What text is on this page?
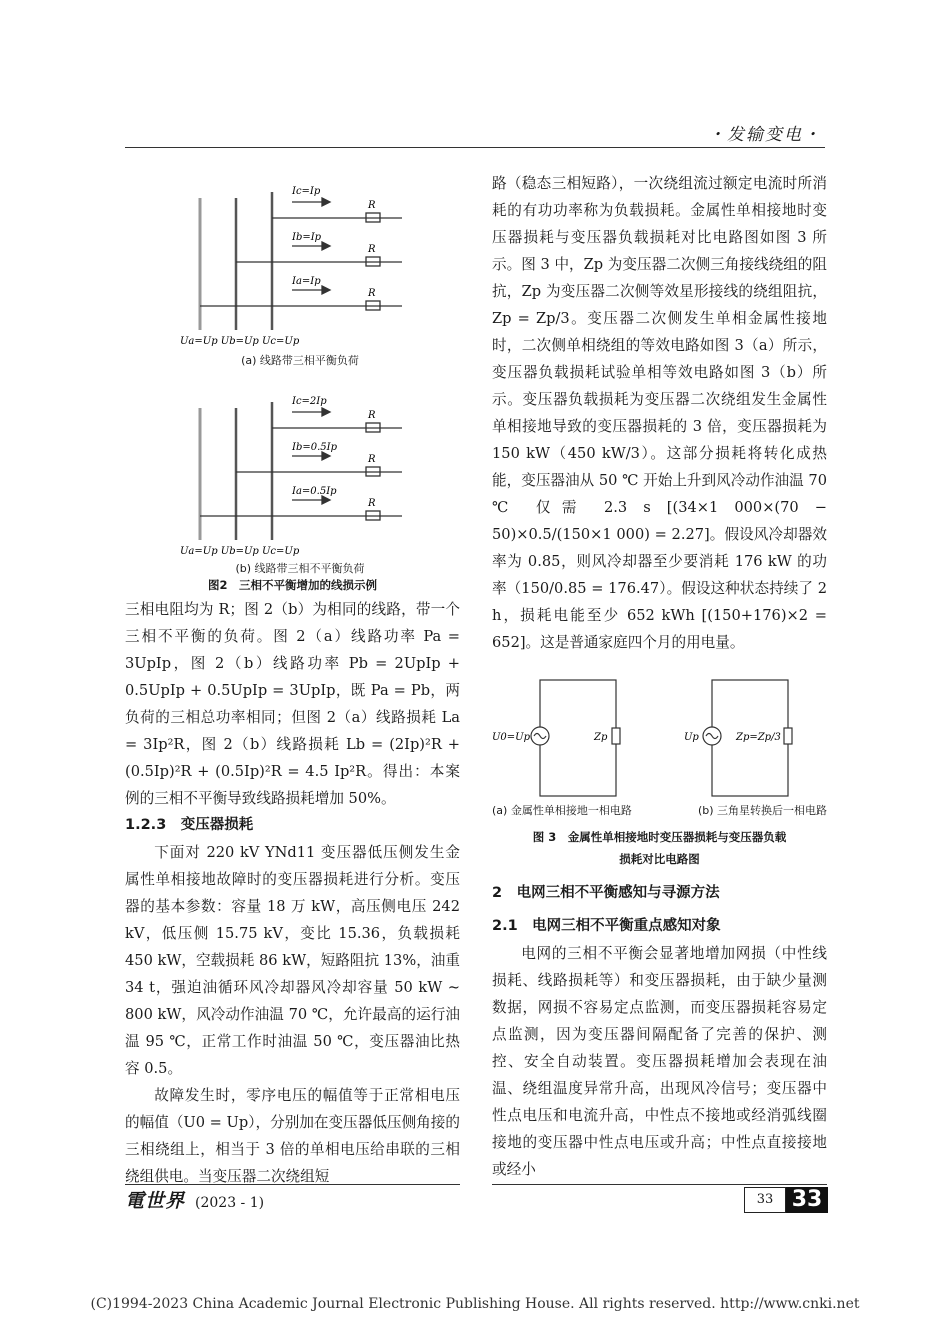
・发输变电・
Ic=Ip
Ib=Ip
Ia=Ip
R
R
R
Ua=Up Ub=Up Uc=Up
(a) 线路带三相平衡负荷
Ic=2Ip
Ib=0.5Ip
Ia=0.5Ip
R
R
R
Ua=Up Ub=Up Uc=Up
(b) 线路带三相不平衡负荷
图2　三相不平衡增加的线损示例

三相电阻均为 R；图 2（b）为相同的线路，带一个三相不平衡的负荷。图 2（a）线路功率 Pa = 3UpIp，图 2（b）线路功率 Pb = 2UpIp + 0.5UpIp + 0.5UpIp = 3UpIp，既 Pa = Pb，两负荷的三相总功率相同；但图 2（a）线路损耗 La = 3Ip²R，图 2（b）线路损耗 Lb = (2Ip)²R + (0.5Ip)²R + (0.5Ip)²R = 4.5 Ip²R。得出：本案例的三相不平衡导致线路损耗增加 50%。

1.2.3　变压器损耗

下面对 220 kV YNd11 变压器低压侧发生金属性单相接地故障时的变压器损耗进行分析。变压器的基本参数：容量 18 万 kW，高压侧电压 242 kV，低压侧 15.75 kV，变比 15.36，负载损耗 450 kW，空载损耗 86 kW，短路阻抗 13%，油重 34 t，强迫油循环风冷却器风冷却容量 50 kW ~ 800 kW，风冷动作油温 70 ℃，允许最高的运行油温 95 ℃，正常工作时油温 50 ℃，变压器油比热容 0.5。

故障发生时，零序电压的幅值等于正常相电压的幅值（U0 = Up），分别加在变压器低压侧角接的三相绕组上，相当于 3 倍的单相电压给串联的三相绕组供电。当变压器二次绕组短

路（稳态三相短路），一次绕组流过额定电流时所消耗的有功功率称为负载损耗。金属性单相接地时变压器损耗与变压器负载损耗对比电路图如图 3 所示。图 3 中，Zp 为变压器二次侧三角接线绕组的阻抗，Zp 为变压器二次侧等效星形接线的绕组阻抗，Zp = Zp/3。变压器二次侧发生单相金属性接地时，二次侧单相绕组的等效电路如图 3（a）所示，变压器负载损耗试验单相等效电路如图 3（b）所示。变压器负载损耗为变压器二次绕组发生金属性单相接地导致的变压器损耗的 3 倍，变压器损耗为 150 kW（450 kW/3）。这部分损耗将转化成热能，变压器油从 50 ℃ 开始上升到风冷动作油温 70 ℃ 仅需 2.3 s [(34×1 000×(70 − 50)×0.5/(150×1 000) = 2.27]。假设风冷却器效率为 0.85，则风冷却器至少要消耗 176 kW 的功率（150/0.85 = 176.47）。假设这种状态持续了 2 h，损耗电能至少 652 kWh [(150+176)×2 = 652]。这是普通家庭四个月的用电量。

U0=Up	Zp	Up	Zp=Zp/3
(a) 金属性单相接地一相电路	(b) 三角星转换后一相电路
图 3　金属性单相接地时变压器损耗与变压器负载
损耗对比电路图

2　电网三相不平衡感知与寻源方法

2.1　电网三相不平衡重点感知对象

电网的三相不平衡会显著地增加网损（中性线损耗、线路损耗等）和变压器损耗，由于缺少量测数据，网损不容易定点监测，而变压器损耗容易定点监测，因为变压器间隔配备了完善的保护、测控、安全自动装置。变压器损耗增加会表现在油温、绕组温度异常升高，出现风冷信号；变压器中性点电压和电流升高，中性点不接地或经消弧线圈接地的变压器中性点电压或升高；中性点直接接地或经小

電世界 (2023 - 1)	33 33
(C)1994-2023 China Academic Journal Electronic Publishing House. All rights reserved. http://www.cnki.net
